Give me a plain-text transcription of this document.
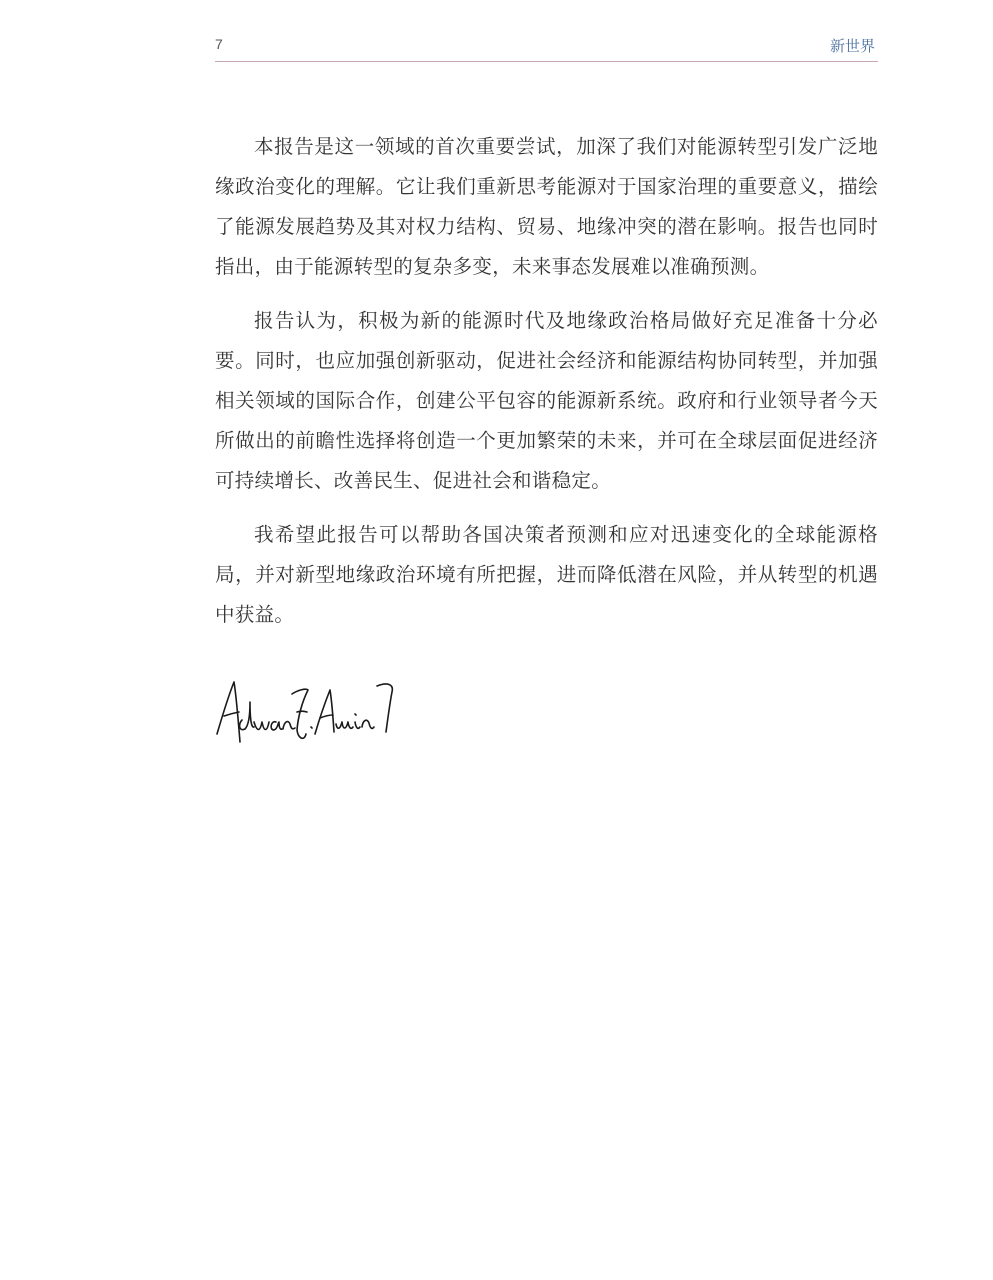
7	新世界

本报告是这一领域的首次重要尝试，加深了我们对能源转型引发广泛地缘政治变化的理解。它让我们重新思考能源对于国家治理的重要意义，描绘了能源发展趋势及其对权力结构、贸易、地缘冲突的潜在影响。报告也同时指出，由于能源转型的复杂多变，未来事态发展难以准确预测。

报告认为，积极为新的能源时代及地缘政治格局做好充足准备十分必要。同时，也应加强创新驱动，促进社会经济和能源结构协同转型，并加强相关领域的国际合作，创建公平包容的能源新系统。政府和行业领导者今天所做出的前瞻性选择将创造一个更加繁荣的未来，并可在全球层面促进经济可持续增长、改善民生、促进社会和谐稳定。

我希望此报告可以帮助各国决策者预测和应对迅速变化的全球能源格局，并对新型地缘政治环境有所把握，进而降低潜在风险，并从转型的机遇中获益。
